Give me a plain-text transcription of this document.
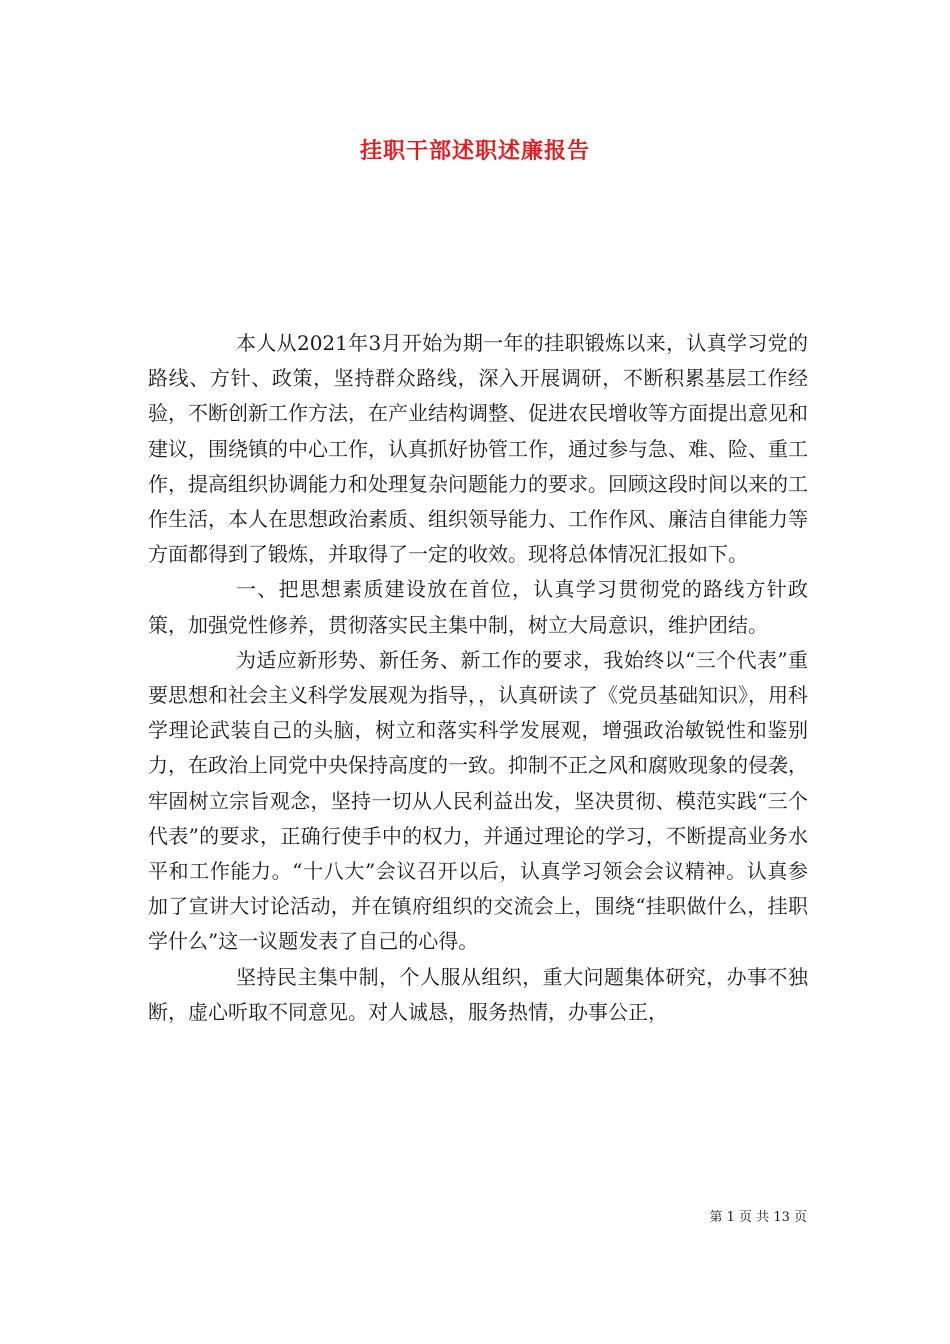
挂职干部述职述廉报告

本人从2021年3月开始为期一年的挂职锻炼以来，认真学习党的路线、方针、政策，坚持群众路线，深入开展调研，不断积累基层工作经验，不断创新工作方法，在产业结构调整、促进农民增收等方面提出意见和建议，围绕镇的中心工作，认真抓好协管工作，通过参与急、难、险、重工作，提高组织协调能力和处理复杂问题能力的要求。回顾这段时间以来的工作生活，本人在思想政治素质、组织领导能力、工作作风、廉洁自律能力等方面都得到了锻炼，并取得了一定的收效。现将总体情况汇报如下。

一、把思想素质建设放在首位，认真学习贯彻党的路线方针政策，加强党性修养，贯彻落实民主集中制，树立大局意识，维护团结。

为适应新形势、新任务、新工作的要求，我始终以“三个代表”重要思想和社会主义科学发展观为指导，，认真研读了《党员基础知识》，用科学理论武装自己的头脑，树立和落实科学发展观，增强政治敏锐性和鉴别力，在政治上同党中央保持高度的一致。抑制不正之风和腐败现象的侵袭，牢固树立宗旨观念，坚持一切从人民利益出发，坚决贯彻、模范实践“三个代表”的要求，正确行使手中的权力，并通过理论的学习，不断提高业务水平和工作能力。“十八大”会议召开以后，认真学习领会会议精神。认真参加了宣讲大讨论活动，并在镇府组织的交流会上，围绕“挂职做什么，挂职学什么”这一议题发表了自己的心得。

坚持民主集中制，个人服从组织，重大问题集体研究，办事不独断，虚心听取不同意见。对人诚恳，服务热情，办事公正，

第 1 页 共 13 页
